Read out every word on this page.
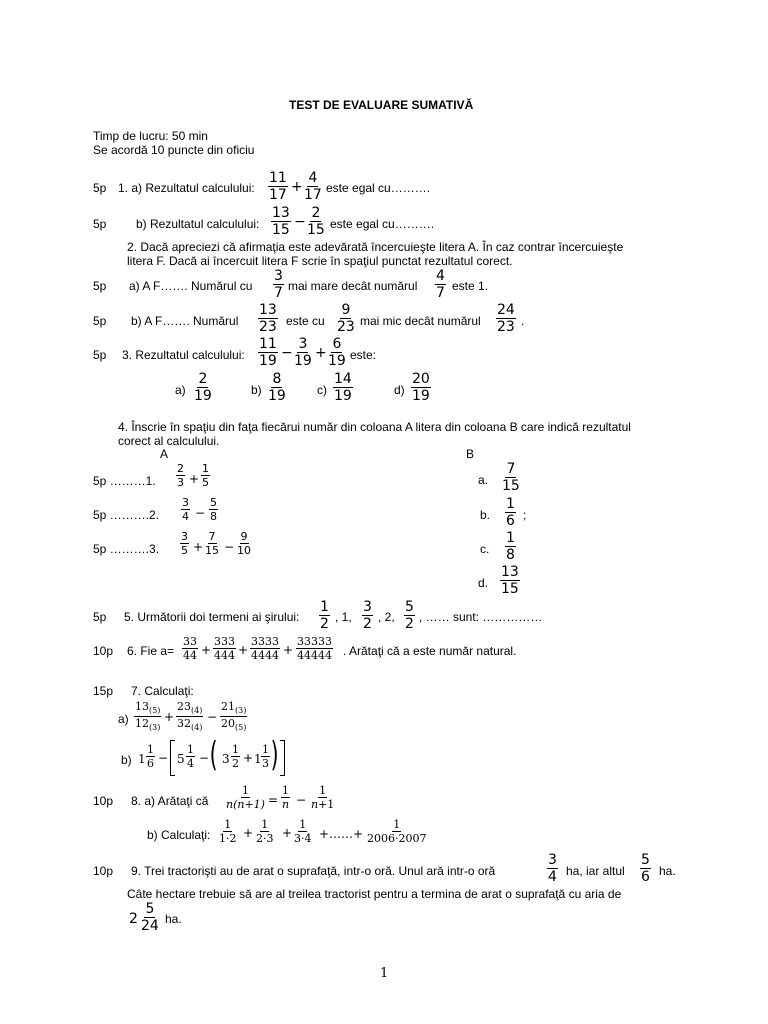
TEST DE EVALUARE SUMATIVĂ
Timp de lucru: 50 min
Se acordă 10 puncte din oficiu
5p 1. a) Rezultatul calculului:
11
17 +
4
17 este egal cu……….
5p b) Rezultatul calculului:
13
15 −
2
15 este egal cu……….
2. Dacă apreciezi că afirmaţia este adevărată încercuieşte litera A. În caz contrar încercuieşte
litera F. Dacă ai încercuit litera F scrie în spaţiul punctat rezultatul corect.
5p a) A F……. Numărul cu
3
7 mai mare decât numărul
4
7 este 1.
5p b) A F……. Numărul
13
23 este cu
9
23 mai mic decât numărul
24
23 .
5p 3. Rezultatul calculului:
11
19 −
3
19 +
6
19 este:
a)
2
19	b)
8
19	c)
14
19	d)
20
19
4. Înscrie în spaţiu din faţa fiecărui număr din coloana A litera din coloana B care indică rezultatul
corect al calculului.
A	B
5p ………1.
2
3 +
1
5
5p ……….2.
3
4 −
5
8
5p ……….3.
3
5 +
7
15 −
9
10
a.
7
15
b.
1
6 ;
c.
1
8
d.
13
15
5p 5. Următorii doi termeni ai şirului:
1
2 , 1,
3
2 , 2,
5
2 , …… sunt: ……………
10p 6. Fie a=
33
44 +
333
444 +
3333
4444 +
33333
44444 . Arătaţi că a este număr natural.
15p 7. Calculaţi:
a)
$13_{(5)}$
$12_{(3)}$
+
$23_{(4)}$
$32_{(4)}$
−
$21_{(3)}$
$20_{(5)}$
b) 1
1
6 − 5
1
4 − ( 3
1
2 + 1
1
3 )
10p 8. a) Arătaţi că
1
n(n+1) =
1
n −
1
n+1
b) Calculaţi:
1
1·2 +
1
2·3 +
1
3·4 +……+
1
2006·2007
10p 9. Trei tractorişti au de arat o suprafaţă, intr-o oră. Unul ară intr-o oră
3
4 ha, iar altul
5
6 ha.
Câte hectare trebuie să are al treilea tractorist pentru a termina de arat o suprafaţă cu aria de
2
5
24 ha.
1
